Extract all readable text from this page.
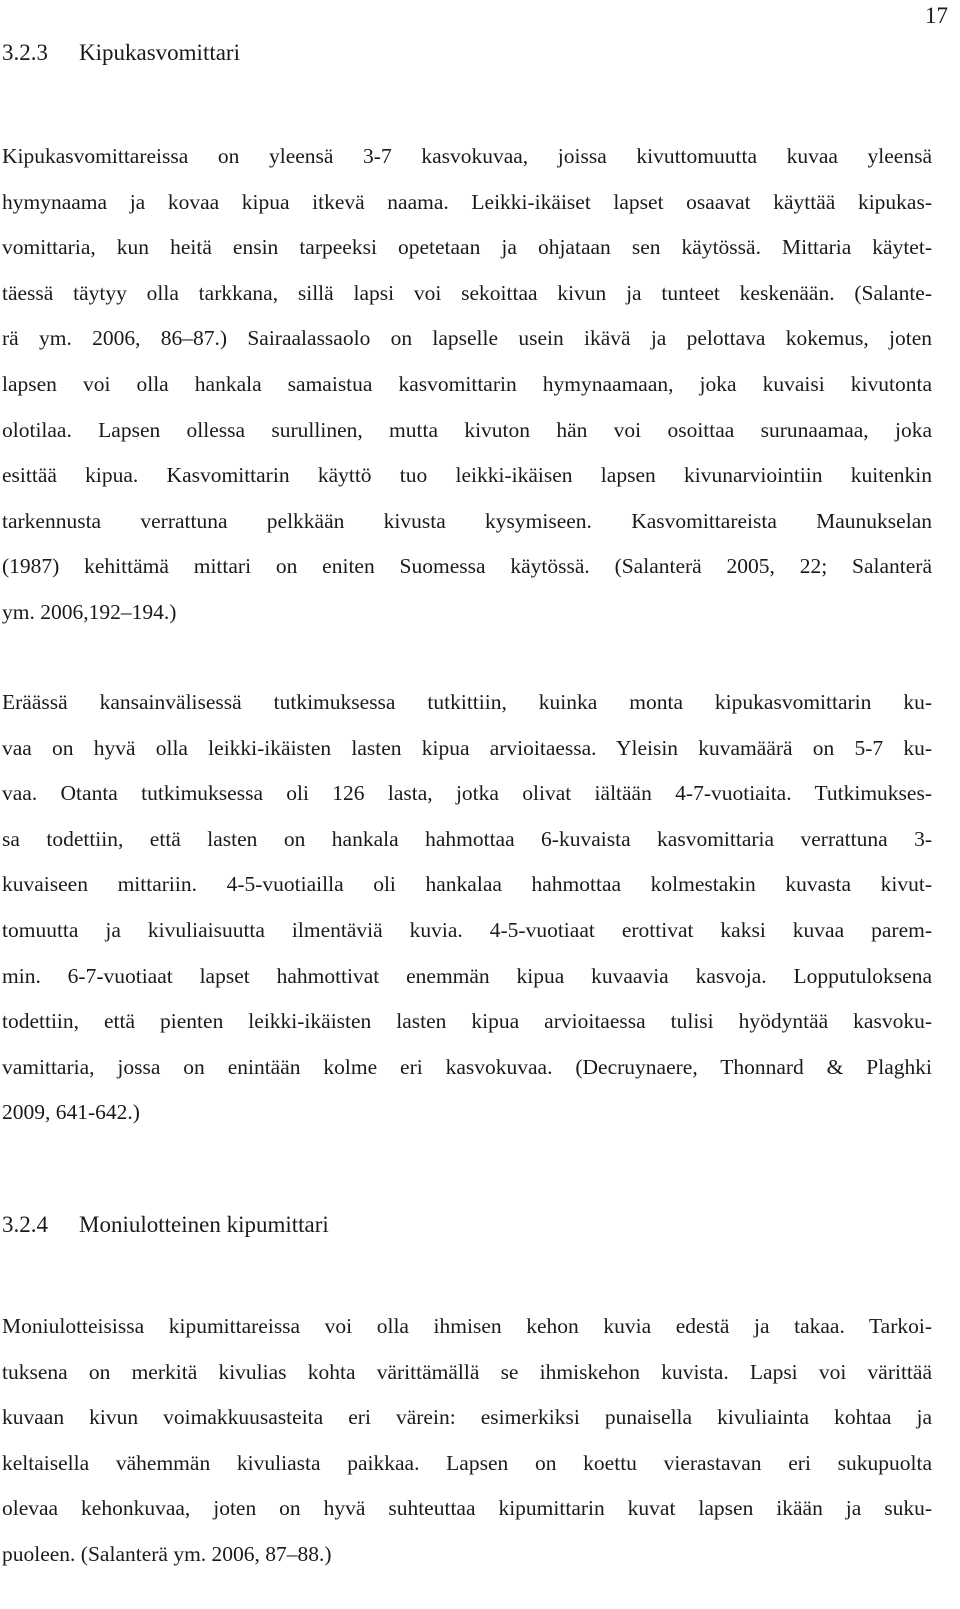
17
3.2.3 Kipukasvomittari
Kipukasvomittareissa on yleensä 3-7 kasvokuvaa, joissa kivuttomuutta kuvaa yleensä
hymynaama ja kovaa kipua itkevä naama. Leikki-ikäiset lapset osaavat käyttää kipukas-
vomittaria, kun heitä ensin tarpeeksi opetetaan ja ohjataan sen käytössä. Mittaria käytet-
täessä täytyy olla tarkkana, sillä lapsi voi sekoittaa kivun ja tunteet keskenään. (Salante-
rä ym. 2006, 86–87.) Sairaalassaolo on lapselle usein ikävä ja pelottava kokemus, joten
lapsen voi olla hankala samaistua kasvomittarin hymynaamaan, joka kuvaisi kivutonta
olotilaa. Lapsen ollessa surullinen, mutta kivuton hän voi osoittaa surunaamaa, joka
esittää kipua. Kasvomittarin käyttö tuo leikki-ikäisen lapsen kivunarviointiin kuitenkin
tarkennusta verrattuna pelkkään kivusta kysymiseen. Kasvomittareista Maunukselan
(1987) kehittämä mittari on eniten Suomessa käytössä. (Salanterä 2005, 22; Salanterä
ym. 2006,192–194.)
Eräässä kansainvälisessä tutkimuksessa tutkittiin, kuinka monta kipukasvomittarin ku-
vaa on hyvä olla leikki-ikäisten lasten kipua arvioitaessa. Yleisin kuvamäärä on 5-7 ku-
vaa. Otanta tutkimuksessa oli 126 lasta, jotka olivat iältään 4-7-vuotiaita. Tutkimukses-
sa todettiin, että lasten on hankala hahmottaa 6-kuvaista kasvomittaria verrattuna 3-
kuvaiseen mittariin. 4-5-vuotiailla oli hankalaa hahmottaa kolmestakin kuvasta kivut-
tomuutta ja kivuliaisuutta ilmentäviä kuvia. 4-5-vuotiaat erottivat kaksi kuvaa parem-
min. 6-7-vuotiaat lapset hahmottivat enemmän kipua kuvaavia kasvoja. Lopputuloksena
todettiin, että pienten leikki-ikäisten lasten kipua arvioitaessa tulisi hyödyntää kasvoku-
vamittaria, jossa on enintään kolme eri kasvokuvaa. (Decruynaere, Thonnard & Plaghki
2009, 641-642.)
3.2.4 Moniulotteinen kipumittari
Moniulotteisissa kipumittareissa voi olla ihmisen kehon kuvia edestä ja takaa. Tarkoi-
tuksena on merkitä kivulias kohta värittämällä se ihmiskehon kuvista. Lapsi voi värittää
kuvaan kivun voimakkuusasteita eri värein: esimerkiksi punaisella kivuliainta kohtaa ja
keltaisella vähemmän kivuliasta paikkaa. Lapsen on koettu vierastavan eri sukupuolta
olevaa kehonkuvaa, joten on hyvä suhteuttaa kipumittarin kuvat lapsen ikään ja suku-
puoleen. (Salanterä ym. 2006, 87–88.)
